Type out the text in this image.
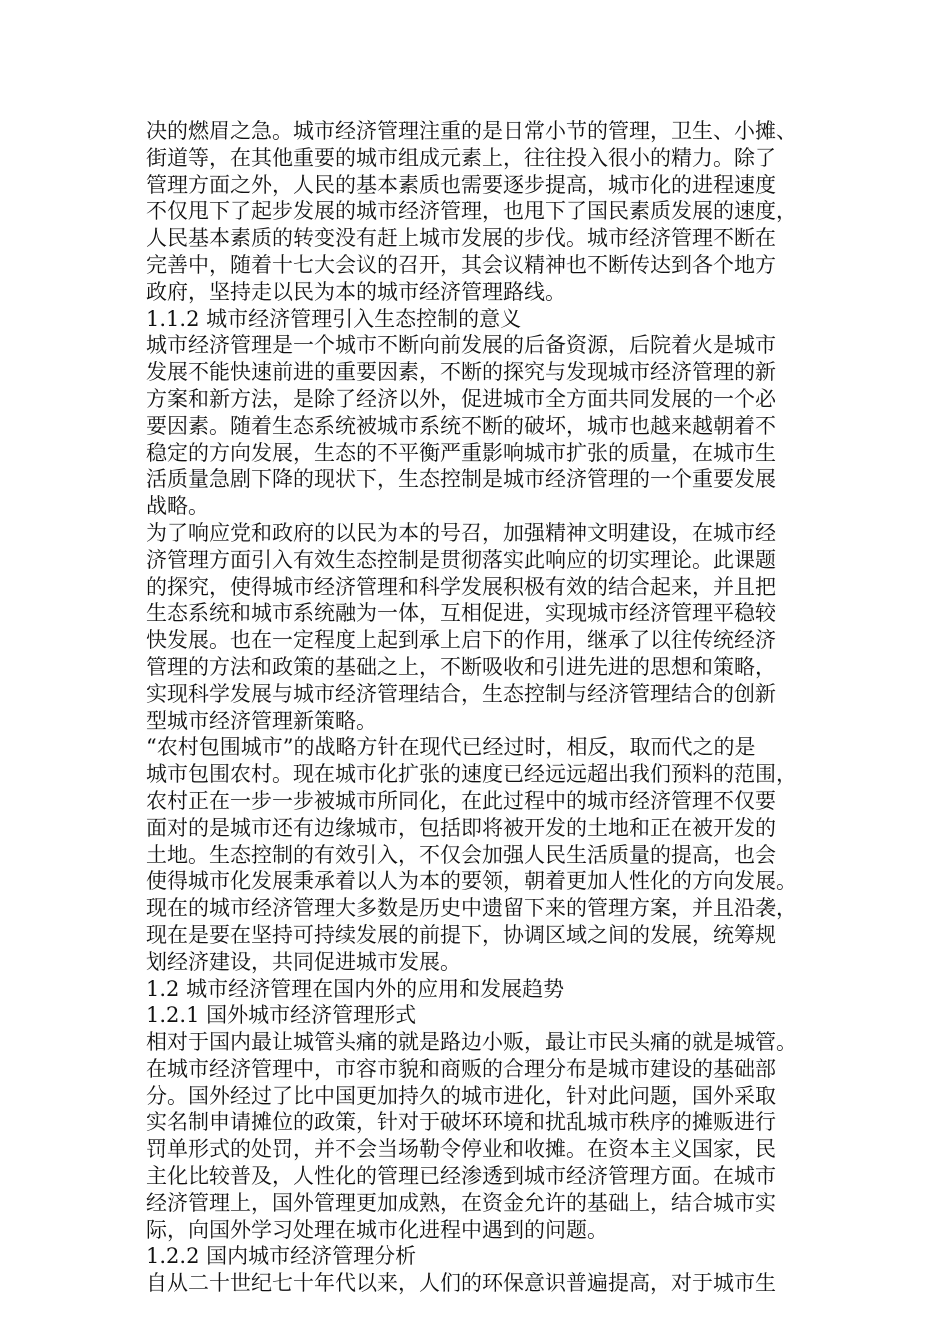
决的燃眉之急。城市经济管理注重的是日常小节的管理，卫生、小摊、
街道等，在其他重要的城市组成元素上，往往投入很小的精力。除了
管理方面之外，人民的基本素质也需要逐步提高，城市化的进程速度
不仅甩下了起步发展的城市经济管理，也甩下了国民素质发展的速度，
人民基本素质的转变没有赶上城市发展的步伐。城市经济管理不断在
完善中，随着十七大会议的召开，其会议精神也不断传达到各个地方
政府，坚持走以民为本的城市经济管理路线。
1.1.2 城市经济管理引入生态控制的意义
城市经济管理是一个城市不断向前发展的后备资源，后院着火是城市
发展不能快速前进的重要因素，不断的探究与发现城市经济管理的新
方案和新方法，是除了经济以外，促进城市全方面共同发展的一个必
要因素。随着生态系统被城市系统不断的破坏，城市也越来越朝着不
稳定的方向发展，生态的不平衡严重影响城市扩张的质量，在城市生
活质量急剧下降的现状下，生态控制是城市经济管理的一个重要发展
战略。
为了响应党和政府的以民为本的号召，加强精神文明建设，在城市经
济管理方面引入有效生态控制是贯彻落实此响应的切实理论。此课题
的探究，使得城市经济管理和科学发展积极有效的结合起来，并且把
生态系统和城市系统融为一体，互相促进，实现城市经济管理平稳较
快发展。也在一定程度上起到承上启下的作用，继承了以往传统经济
管理的方法和政策的基础之上，不断吸收和引进先进的思想和策略，
实现科学发展与城市经济管理结合，生态控制与经济管理结合的创新
型城市经济管理新策略。
“农村包围城市”的战略方针在现代已经过时，相反，取而代之的是
城市包围农村。现在城市化扩张的速度已经远远超出我们预料的范围，
农村正在一步一步被城市所同化，在此过程中的城市经济管理不仅要
面对的是城市还有边缘城市，包括即将被开发的土地和正在被开发的
土地。生态控制的有效引入，不仅会加强人民生活质量的提高，也会
使得城市化发展秉承着以人为本的要领，朝着更加人性化的方向发展。
现在的城市经济管理大多数是历史中遗留下来的管理方案，并且沿袭，
现在是要在坚持可持续发展的前提下，协调区域之间的发展，统筹规
划经济建设，共同促进城市发展。
1.2 城市经济管理在国内外的应用和发展趋势
1.2.1 国外城市经济管理形式
相对于国内最让城管头痛的就是路边小贩，最让市民头痛的就是城管。
在城市经济管理中，市容市貌和商贩的合理分布是城市建设的基础部
分。国外经过了比中国更加持久的城市进化，针对此问题，国外采取
实名制申请摊位的政策，针对于破坏环境和扰乱城市秩序的摊贩进行
罚单形式的处罚，并不会当场勒令停业和收摊。在资本主义国家，民
主化比较普及，人性化的管理已经渗透到城市经济管理方面。在城市
经济管理上，国外管理更加成熟，在资金允许的基础上，结合城市实
际，向国外学习处理在城市化进程中遇到的问题。
1.2.2 国内城市经济管理分析
自从二十世纪七十年代以来，人们的环保意识普遍提高，对于城市生
